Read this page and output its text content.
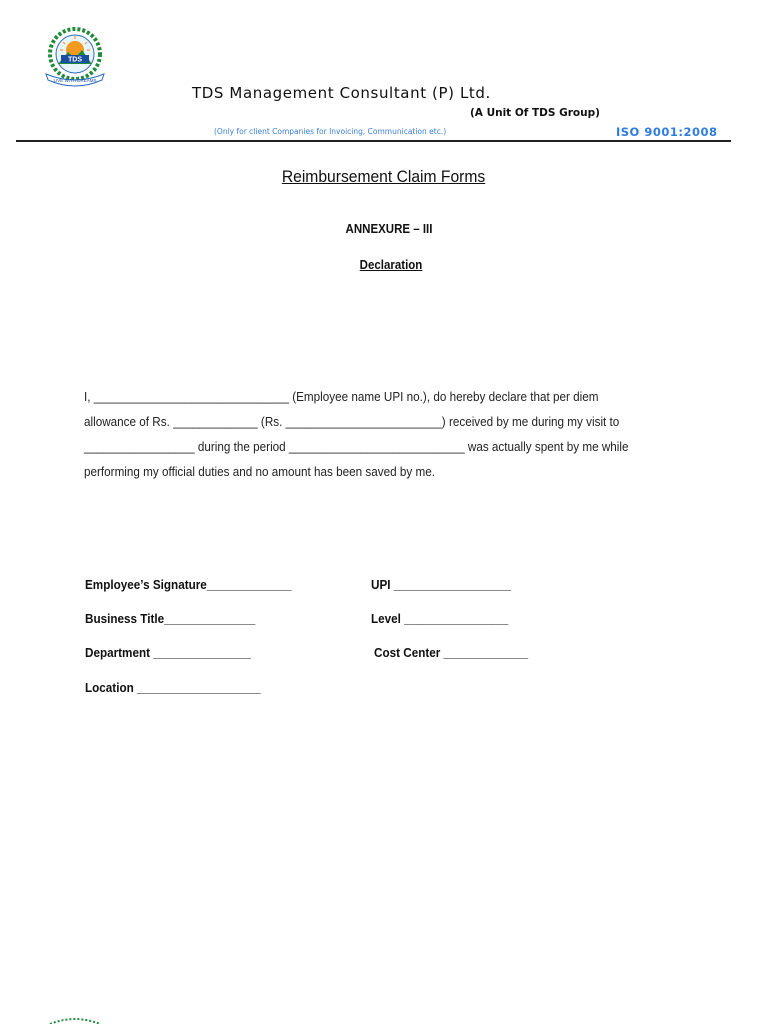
TDS
LIVE WITH DREAMS
TDS Management Consultant (P) Ltd.
(A Unit Of TDS Group)
(Only for client Companies for Invoicing, Communication etc.)	ISO 9001:2008
Reimbursement Claim Forms
ANNEXURE – III
Declaration
I, ______________________________ (Employee name UPI no.), do hereby declare that per diem
allowance of Rs. _____________ (Rs. ________________________) received by me during my visit to
_________________ during the period ___________________________ was actually spent by me while
performing my official duties and no amount has been saved by me.
Employee’s Signature_____________	UPI __________________
Business Title______________	Level ________________
Department _______________	Cost Center _____________
Location ___________________
